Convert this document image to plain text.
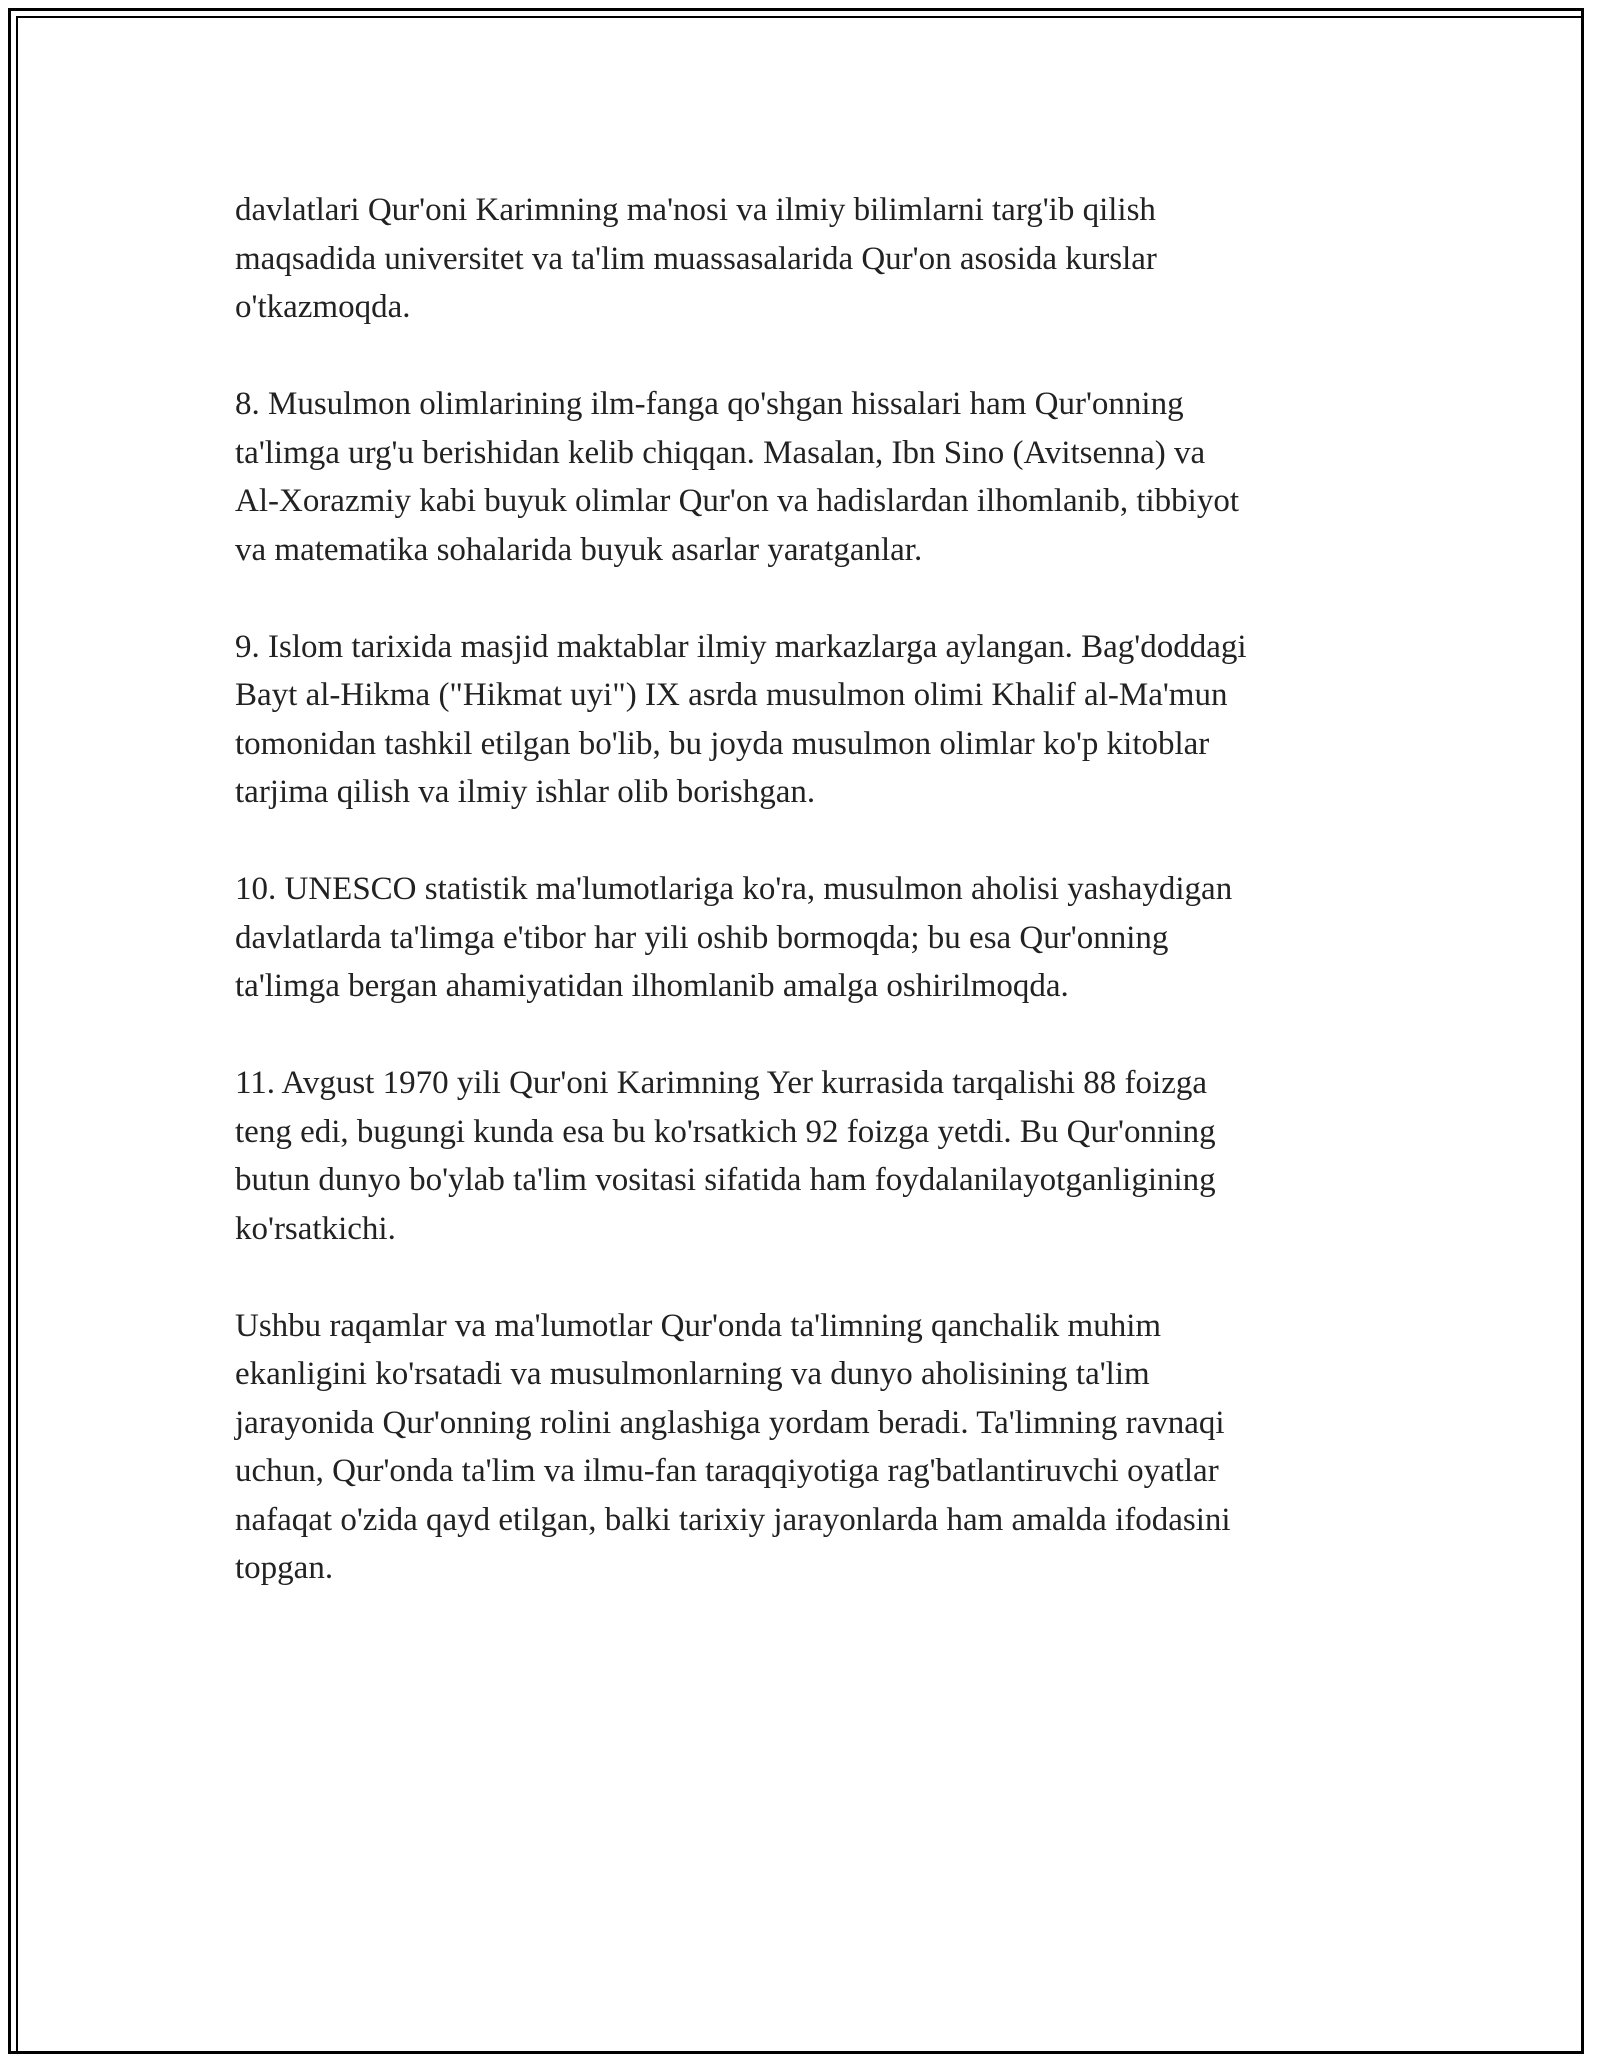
davlatlari Qur'oni Karimning ma'nosi va ilmiy bilimlarni targ'ib qilish
maqsadida universitet va ta'lim muassasalarida Qur'on asosida kurslar
o'tkazmoqda.

8. Musulmon olimlarining ilm-fanga qo'shgan hissalari ham Qur'onning
ta'limga urg'u berishidan kelib chiqqan. Masalan, Ibn Sino (Avitsenna) va
Al-Xorazmiy kabi buyuk olimlar Qur'on va hadislardan ilhomlanib, tibbiyot
va matematika sohalarida buyuk asarlar yaratganlar.

9. Islom tarixida masjid maktablar ilmiy markazlarga aylangan. Bag'doddagi
Bayt al-Hikma ("Hikmat uyi") IX asrda musulmon olimi Khalif al-Ma'mun
tomonidan tashkil etilgan bo'lib, bu joyda musulmon olimlar ko'p kitoblar
tarjima qilish va ilmiy ishlar olib borishgan.

10. UNESCO statistik ma'lumotlariga ko'ra, musulmon aholisi yashaydigan
davlatlarda ta'limga e'tibor har yili oshib bormoqda; bu esa Qur'onning
ta'limga bergan ahamiyatidan ilhomlanib amalga oshirilmoqda.

11. Avgust 1970 yili Qur'oni Karimning Yer kurrasida tarqalishi 88 foizga
teng edi, bugungi kunda esa bu ko'rsatkich 92 foizga yetdi. Bu Qur'onning
butun dunyo bo'ylab ta'lim vositasi sifatida ham foydalanilayotganligining
ko'rsatkichi.

Ushbu raqamlar va ma'lumotlar Qur'onda ta'limning qanchalik muhim
ekanligini ko'rsatadi va musulmonlarning va dunyo aholisining ta'lim
jarayonida Qur'onning rolini anglashiga yordam beradi. Ta'limning ravnaqi
uchun, Qur'onda ta'lim va ilmu-fan taraqqiyotiga rag'batlantiruvchi oyatlar
nafaqat o'zida qayd etilgan, balki tarixiy jarayonlarda ham amalda ifodasini
topgan.
